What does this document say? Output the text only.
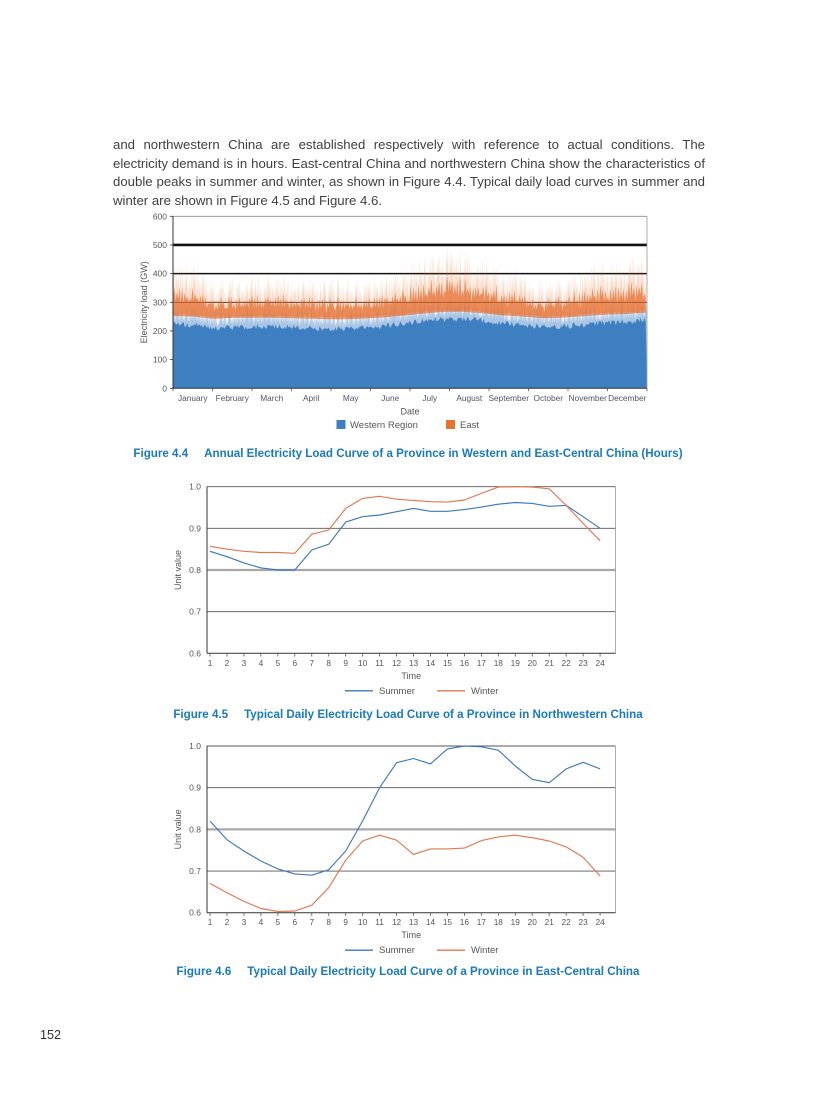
and northwestern China are established respectively with reference to actual conditions. The electricity demand is in hours. East-central China and northwestern China show the characteristics of double peaks in summer and winter, as shown in Figure 4.4. Typical daily load curves in summer and winter are shown in Figure 4.5 and Figure 4.6.

0
100
200
300
400
500
600
January February March April	May	June	July August September October November December
Date
Electricity load (GW)
Western Region	East
Figure 4.4 Annual Electricity Load Curve of a Province in Western and East-Central China (Hours)
0.6
0.7
0.8
0.9
1.0
1 2 3 4 5 6 7 8 9 10 11 12 13 14 15 16 17 18 19 20 21 22 23 24
Time
Unit value
Summer	Winter
Figure 4.5 Typical Daily Electricity Load Curve of a Province in Northwestern China
0.6
0.7
0.8
0.9
1.0
1 2 3 4 5 6 7 8 9 10 11 12 13 14 15 16 17 18 19 20 21 22 23 24
Time
Unit value
Summer	Winter
Figure 4.6 Typical Daily Electricity Load Curve of a Province in East-Central China
152
